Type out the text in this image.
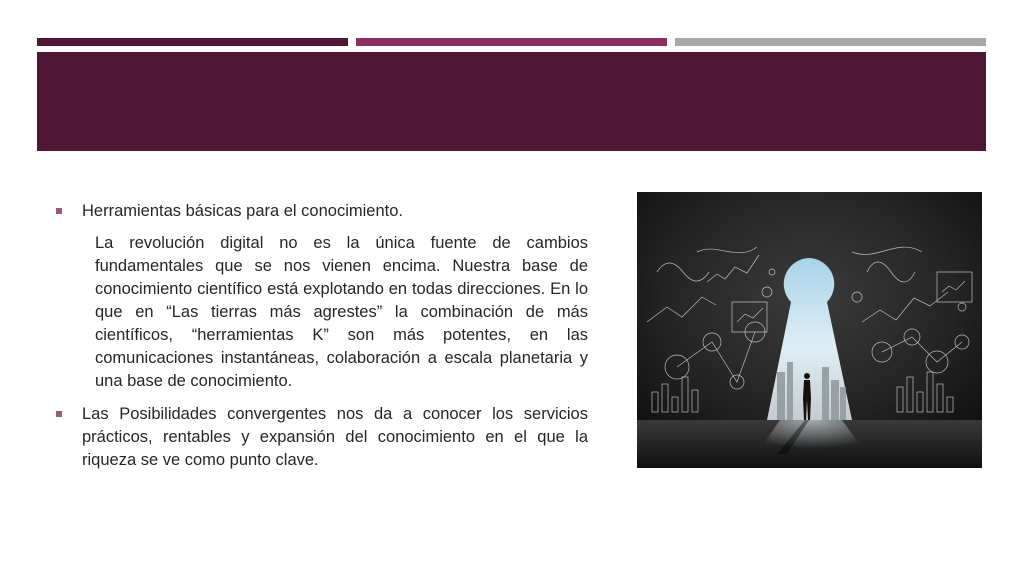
Herramientas básicas para el conocimiento.
La revolución digital no es la única fuente de cambios fundamentales que se nos vienen encima. Nuestra base de conocimiento científico está explotando en todas direcciones. En lo que en “Las tierras más agrestes” la combinación de más científicos, “herramientas K” son más potentes, en las comunicaciones instantáneas, colaboración a escala planetaria y una base de conocimiento.
Las Posibilidades convergentes nos da a conocer los servicios prácticos, rentables y expansión del conocimiento en el que la riqueza se ve como punto clave.
